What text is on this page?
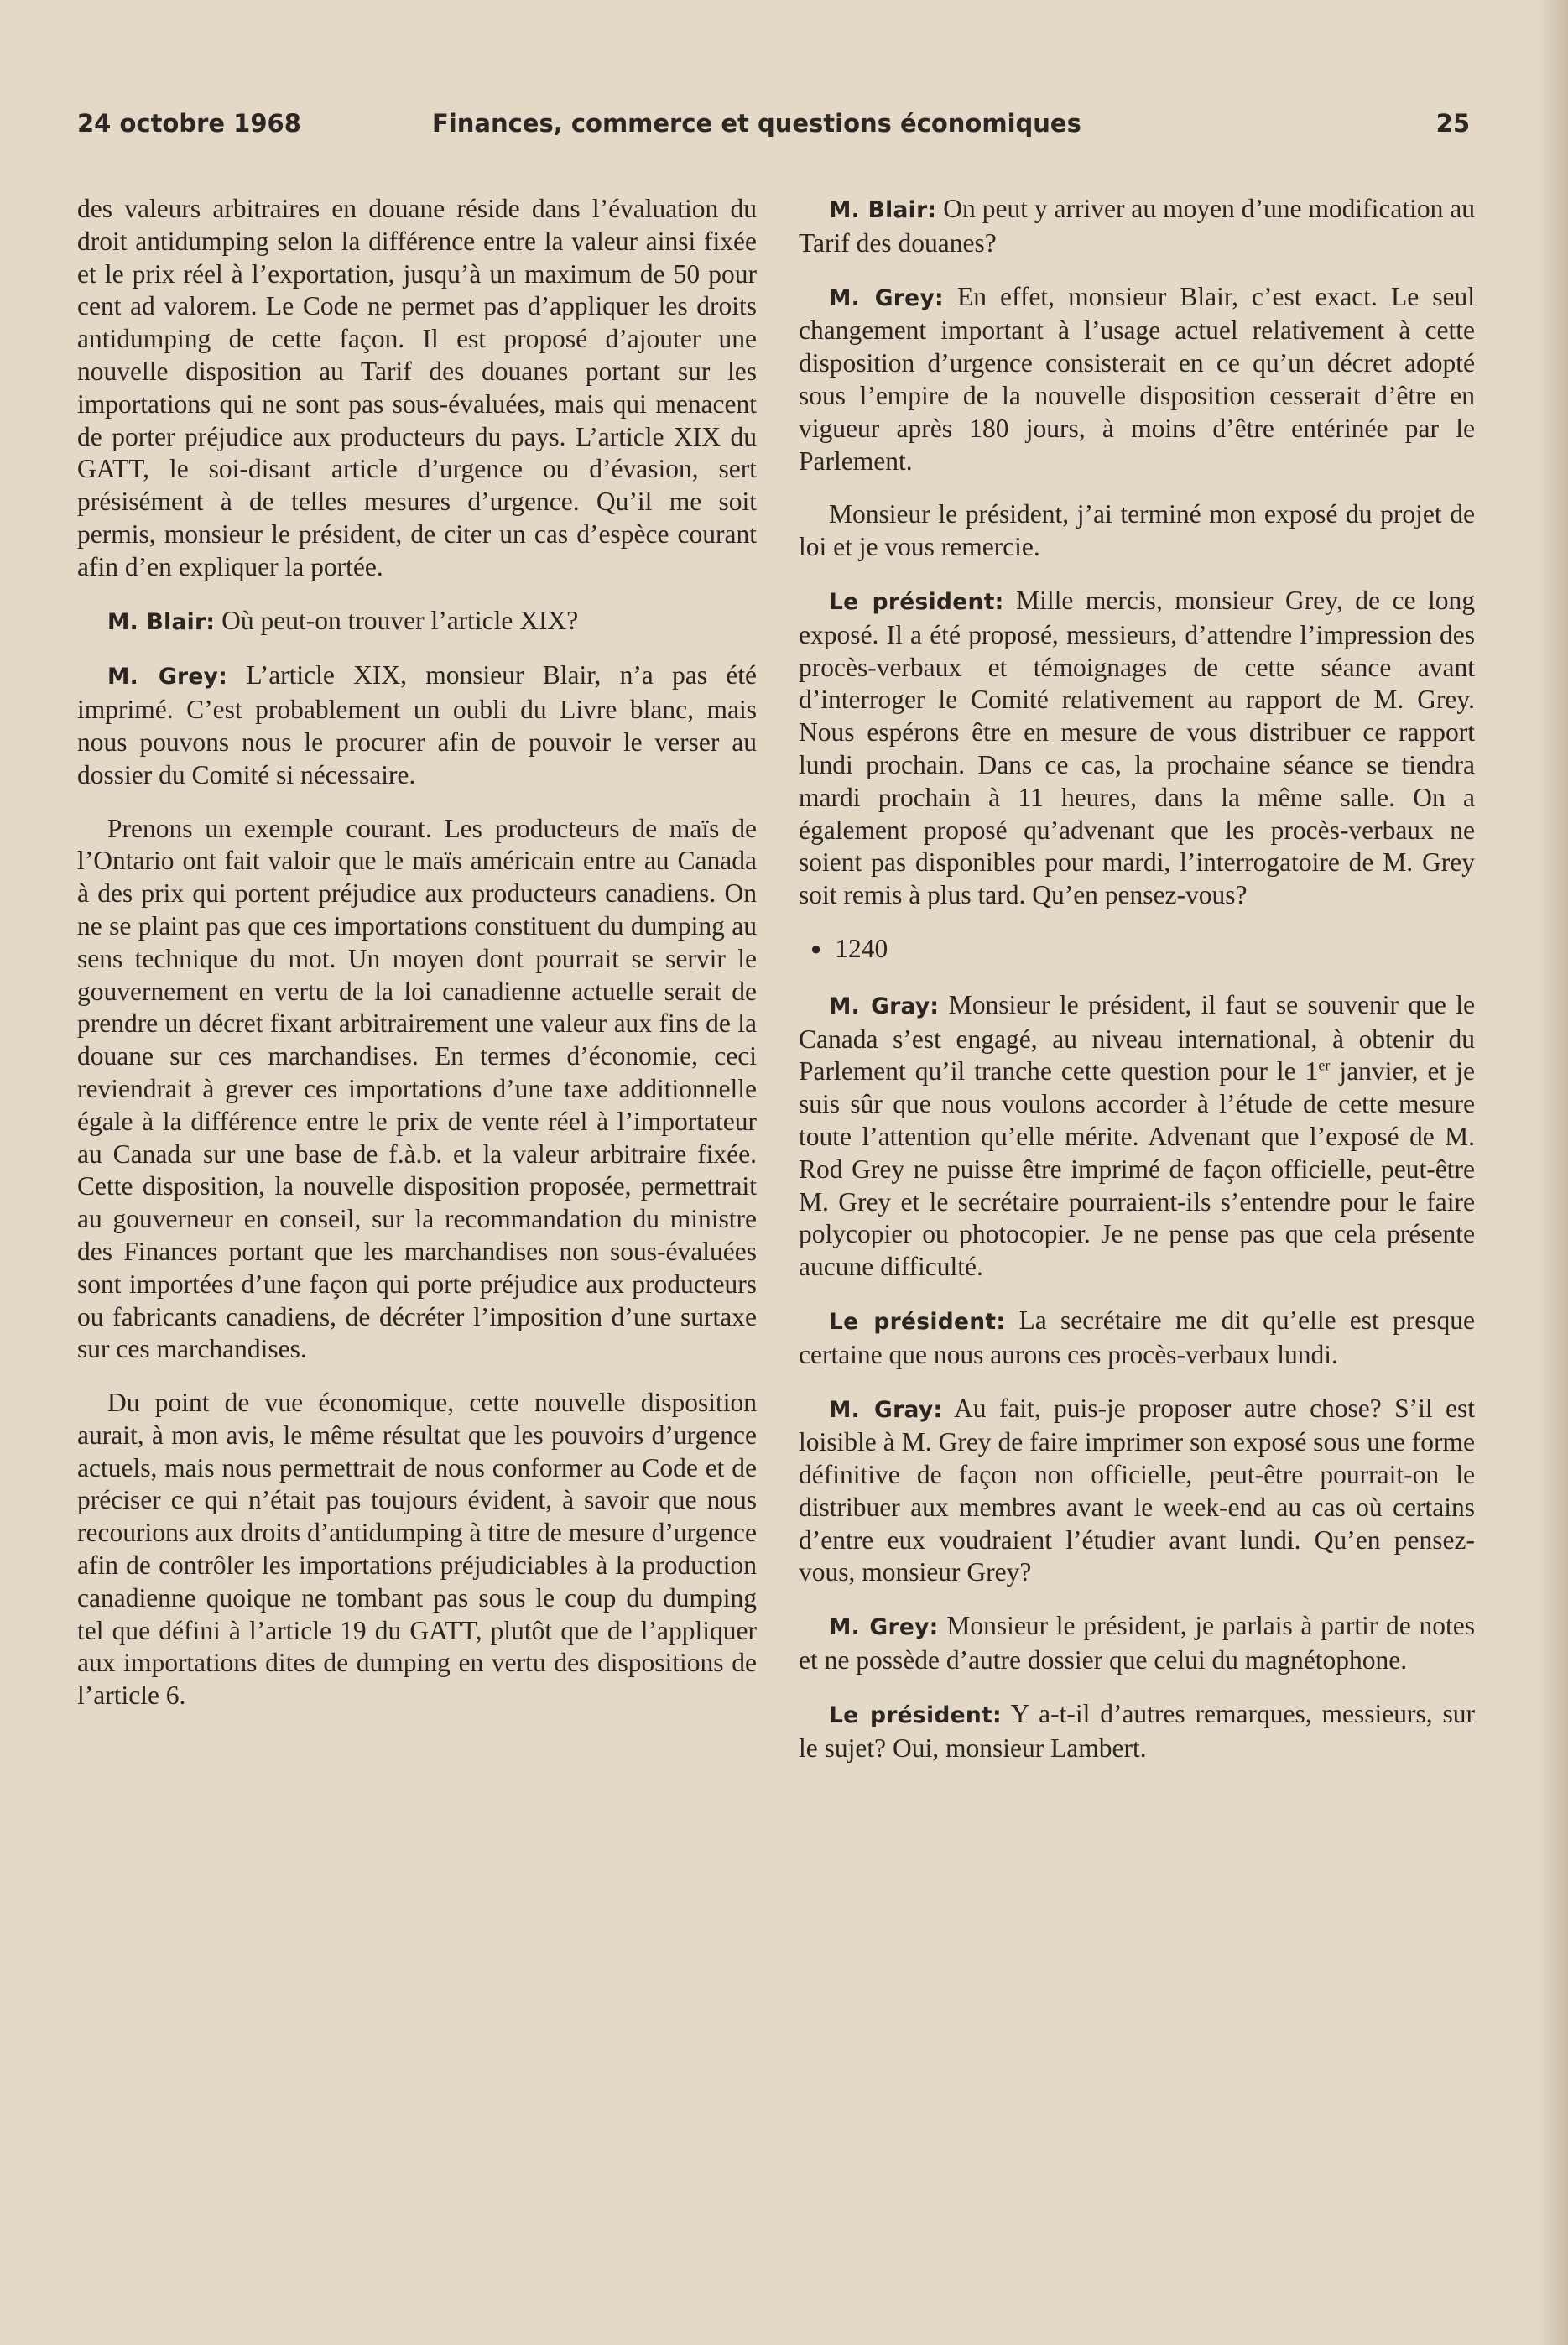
24 octobre 1968	Finances, commerce et questions économiques	25

des valeurs arbitraires en douane réside dans l’évaluation du droit antidumping selon la différence entre la valeur ainsi fixée et le prix réel à l’exportation, jusqu’à un maximum de 50 pour cent ad valorem. Le Code ne permet pas d’appliquer les droits antidumping de cette façon. Il est proposé d’ajouter une nouvelle disposition au Tarif des douanes portant sur les importations qui ne sont pas sous-évaluées, mais qui menacent de porter préjudice aux producteurs du pays. L’article XIX du GATT, le soi-disant article d’urgence ou d’évasion, sert présisément à de telles mesures d’urgence. Qu’il me soit permis, monsieur le président, de citer un cas d’espèce courant afin d’en expliquer la portée.

M. Blair: Où peut-on trouver l’article XIX?

M. Grey: L’article XIX, monsieur Blair, n’a pas été imprimé. C’est probablement un oubli du Livre blanc, mais nous pouvons nous le procurer afin de pouvoir le verser au dossier du Comité si nécessaire.

Prenons un exemple courant. Les producteurs de maïs de l’Ontario ont fait valoir que le maïs américain entre au Canada à des prix qui portent préjudice aux producteurs canadiens. On ne se plaint pas que ces importations constituent du dumping au sens technique du mot. Un moyen dont pourrait se servir le gouvernement en vertu de la loi canadienne actuelle serait de prendre un décret fixant arbitrairement une valeur aux fins de la douane sur ces marchandises. En termes d’économie, ceci reviendrait à grever ces importations d’une taxe additionnelle égale à la différence entre le prix de vente réel à l’importateur au Canada sur une base de f.à.b. et la valeur arbitraire fixée. Cette disposition, la nouvelle disposition proposée, permettrait au gouverneur en conseil, sur la recommandation du ministre des Finances portant que les marchandises non sous-évaluées sont importées d’une façon qui porte préjudice aux producteurs ou fabricants canadiens, de décréter l’imposition d’une surtaxe sur ces marchandises.

Du point de vue économique, cette nouvelle disposition aurait, à mon avis, le même résultat que les pouvoirs d’urgence actuels, mais nous permettrait de nous conformer au Code et de préciser ce qui n’était pas toujours évident, à savoir que nous recourions aux droits d’antidumping à titre de mesure d’urgence afin de contrôler les importations préjudiciables à la production canadienne quoique ne tombant pas sous le coup du dumping tel que défini à l’article 19 du GATT, plutôt que de l’appliquer aux importations dites de dumping en vertu des dispositions de l’article 6.

M. Blair: On peut y arriver au moyen d’une modification au Tarif des douanes?

M. Grey: En effet, monsieur Blair, c’est exact. Le seul changement important à l’usage actuel relativement à cette disposition d’urgence consisterait en ce qu’un décret adopté sous l’empire de la nouvelle disposition cesserait d’être en vigueur après 180 jours, à moins d’être entérinée par le Parlement.

Monsieur le président, j’ai terminé mon exposé du projet de loi et je vous remercie.

Le président: Mille mercis, monsieur Grey, de ce long exposé. Il a été proposé, messieurs, d’attendre l’impression des procès-verbaux et témoignages de cette séance avant d’interroger le Comité relativement au rapport de M. Grey. Nous espérons être en mesure de vous distribuer ce rapport lundi prochain. Dans ce cas, la prochaine séance se tiendra mardi prochain à 11 heures, dans la même salle. On a également proposé qu’advenant que les procès-verbaux ne soient pas disponibles pour mardi, l’interrogatoire de M. Grey soit remis à plus tard. Qu’en pensez-vous?

● 1240

M. Gray: Monsieur le président, il faut se souvenir que le Canada s’est engagé, au niveau international, à obtenir du Parlement qu’il tranche cette question pour le 1er janvier, et je suis sûr que nous voulons accorder à l’étude de cette mesure toute l’attention qu’elle mérite. Advenant que l’exposé de M. Rod Grey ne puisse être imprimé de façon officielle, peut-être M. Grey et le secrétaire pourraient-ils s’entendre pour le faire polycopier ou photocopier. Je ne pense pas que cela présente aucune difficulté.

Le président: La secrétaire me dit qu’elle est presque certaine que nous aurons ces procès-verbaux lundi.

M. Gray: Au fait, puis-je proposer autre chose? S’il est loisible à M. Grey de faire imprimer son exposé sous une forme définitive de façon non officielle, peut-être pourrait-on le distribuer aux membres avant le week-end au cas où certains d’entre eux voudraient l’étudier avant lundi. Qu’en pensez-vous, monsieur Grey?

M. Grey: Monsieur le président, je parlais à partir de notes et ne possède d’autre dossier que celui du magnétophone.

Le président: Y a-t-il d’autres remarques, messieurs, sur le sujet? Oui, monsieur Lambert.
